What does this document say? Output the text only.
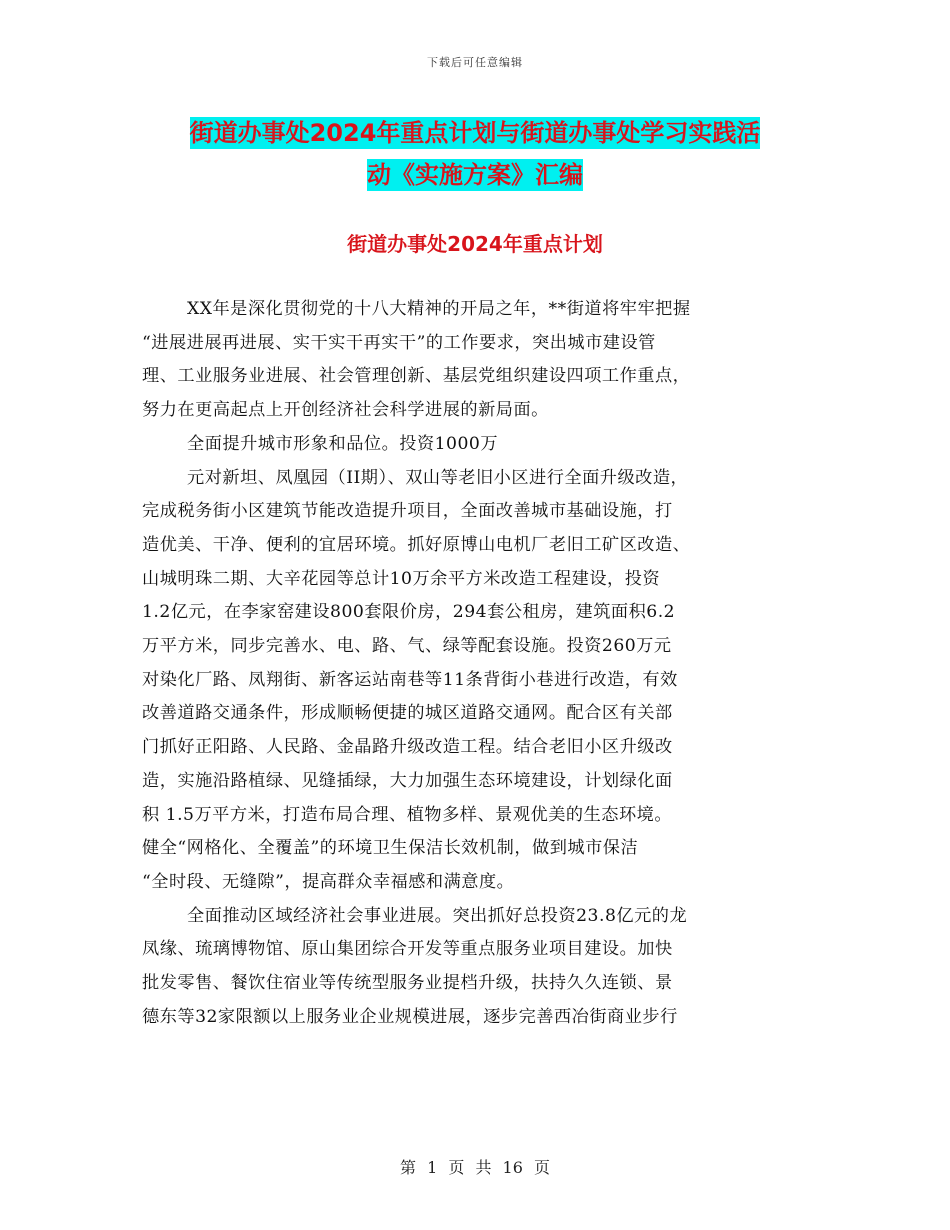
下载后可任意编辑
街道办事处2024年重点计划与街道办事处学习实践活
动《实施方案》汇编
街道办事处2024年重点计划
XX年是深化贯彻党的十八大精神的开局之年，**街道将牢牢把握
“进展进展再进展、实干实干再实干”的工作要求，突出城市建设管
理、工业服务业进展、社会管理创新、基层党组织建设四项工作重点，
努力在更高起点上开创经济社会科学进展的新局面。
全面提升城市形象和品位。投资1000万
元对新坦、凤凰园（II期）、双山等老旧小区进行全面升级改造，
完成税务街小区建筑节能改造提升项目，全面改善城市基础设施，打
造优美、干净、便利的宜居环境。抓好原博山电机厂老旧工矿区改造、
山城明珠二期、大辛花园等总计10万余平方米改造工程建设，投资
1.2亿元，在李家窑建设800套限价房，294套公租房，建筑面积6.2
万平方米，同步完善水、电、路、气、绿等配套设施。投资260万元
对染化厂路、凤翔街、新客运站南巷等11条背街小巷进行改造，有效
改善道路交通条件，形成顺畅便捷的城区道路交通网。配合区有关部
门抓好正阳路、人民路、金晶路升级改造工程。结合老旧小区升级改
造，实施沿路植绿、见缝插绿，大力加强生态环境建设，计划绿化面
积 1.5万平方米，打造布局合理、植物多样、景观优美的生态环境。
健全“网格化、全覆盖”的环境卫生保洁长效机制，做到城市保洁
“全时段、无缝隙”，提高群众幸福感和满意度。
全面推动区域经济社会事业进展。突出抓好总投资23.8亿元的龙
凤缘、琉璃博物馆、原山集团综合开发等重点服务业项目建设。加快
批发零售、餐饮住宿业等传统型服务业提档升级，扶持久久连锁、景
德东等32家限额以上服务业企业规模进展，逐步完善西冶街商业步行
第 1 页 共 16 页
